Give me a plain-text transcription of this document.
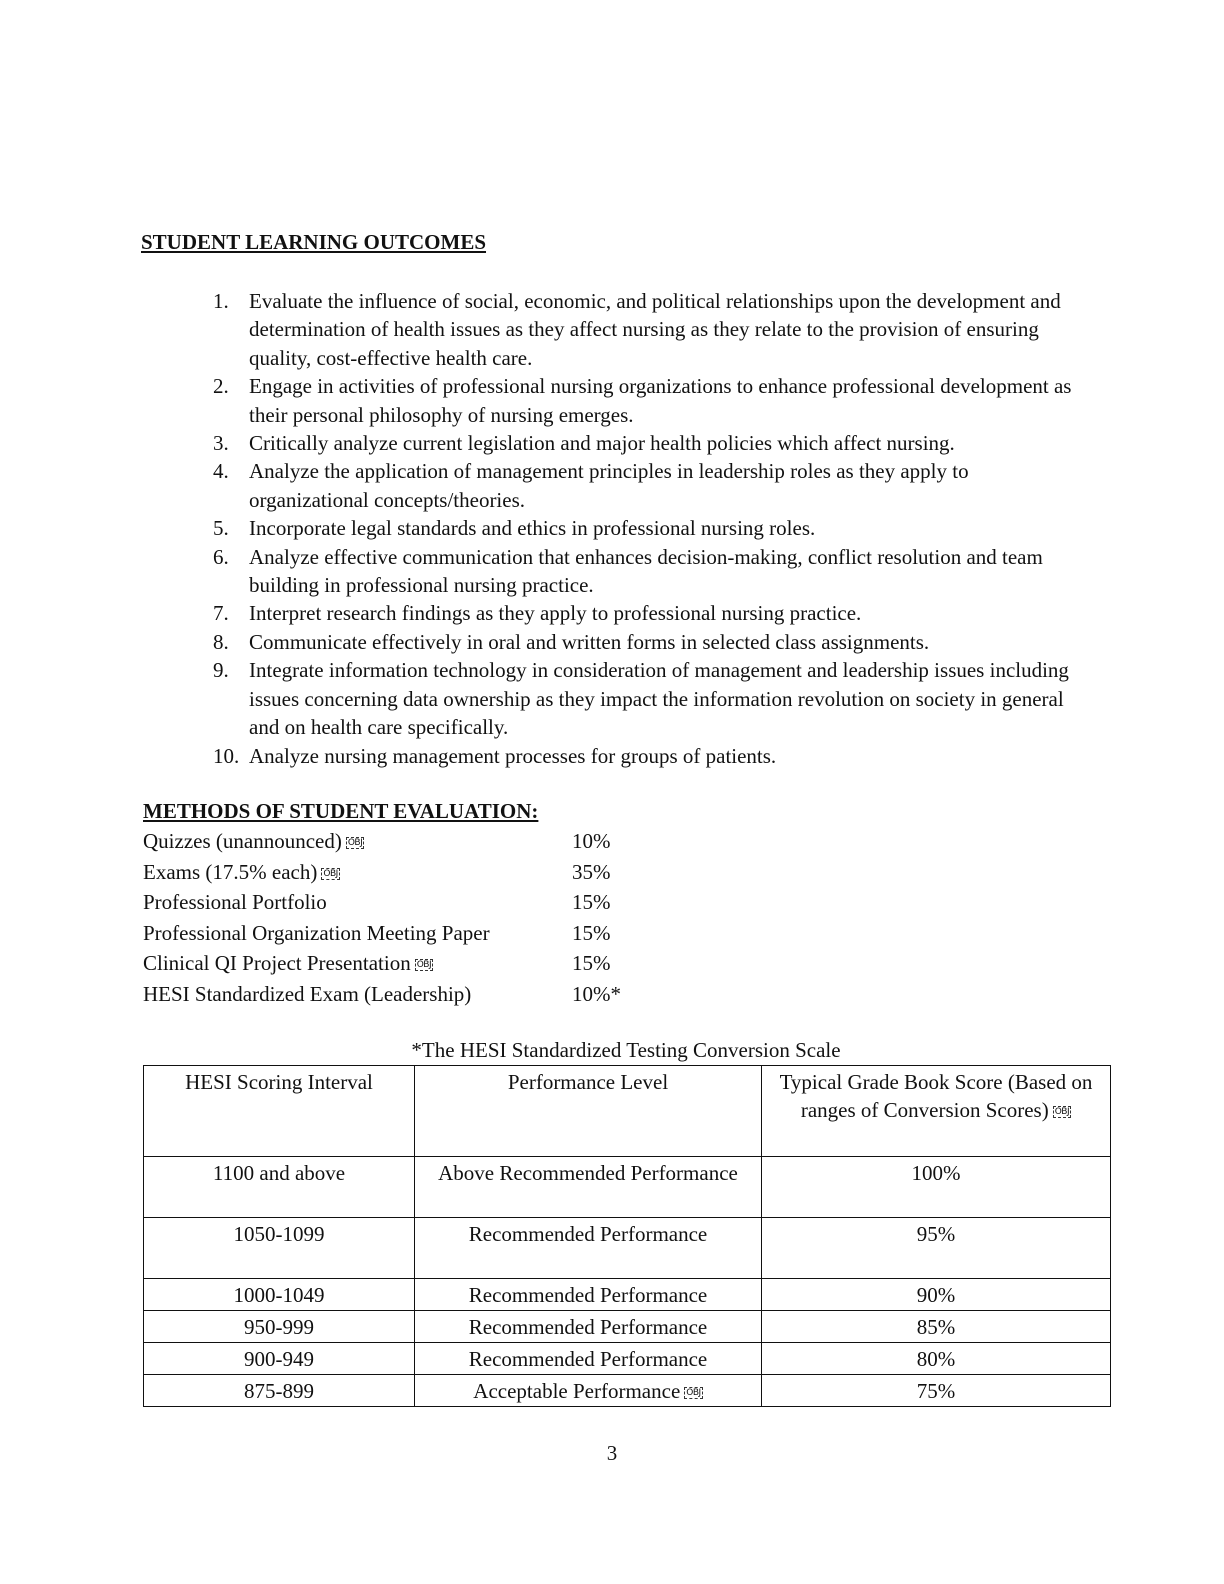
STUDENT LEARNING OUTCOMES
1. Evaluate the influence of social, economic, and political relationships upon the development and determination of health issues as they affect nursing as they relate to the provision of ensuring quality, cost-effective health care.
2. Engage in activities of professional nursing organizations to enhance professional development as their personal philosophy of nursing emerges.
3. Critically analyze current legislation and major health policies which affect nursing.
4. Analyze the application of management principles in leadership roles as they apply to organizational concepts/theories.
5. Incorporate legal standards and ethics in professional nursing roles.
6. Analyze effective communication that enhances decision-making, conflict resolution and team building in professional nursing practice.
7. Interpret research findings as they apply to professional nursing practice.
8. Communicate effectively in oral and written forms in selected class assignments.
9. Integrate information technology in consideration of management and leadership issues including issues concerning data ownership as they impact the information revolution on society in general and on health care specifically.
10. Analyze nursing management processes for groups of patients.
METHODS OF STUDENT EVALUATION:
Quizzes (unannounced) OBJ	10%
Exams (17.5% each) OBJ	35%
Professional Portfolio	15%
Professional Organization Meeting Paper	15%
Clinical QI Project Presentation OBJ	15%
HESI Standardized Exam (Leadership)	10%*
*The HESI Standardized Testing Conversion Scale
HESI Scoring Interval	Performance Level	Typical Grade Book Score (Based on ranges of Conversion Scores) OBJ
1100 and above	Above Recommended Performance	100%
1050-1099	Recommended Performance	95%
1000-1049	Recommended Performance	90%
950-999	Recommended Performance	85%
900-949	Recommended Performance	80%
875-899	Acceptable Performance OBJ	75%
3
